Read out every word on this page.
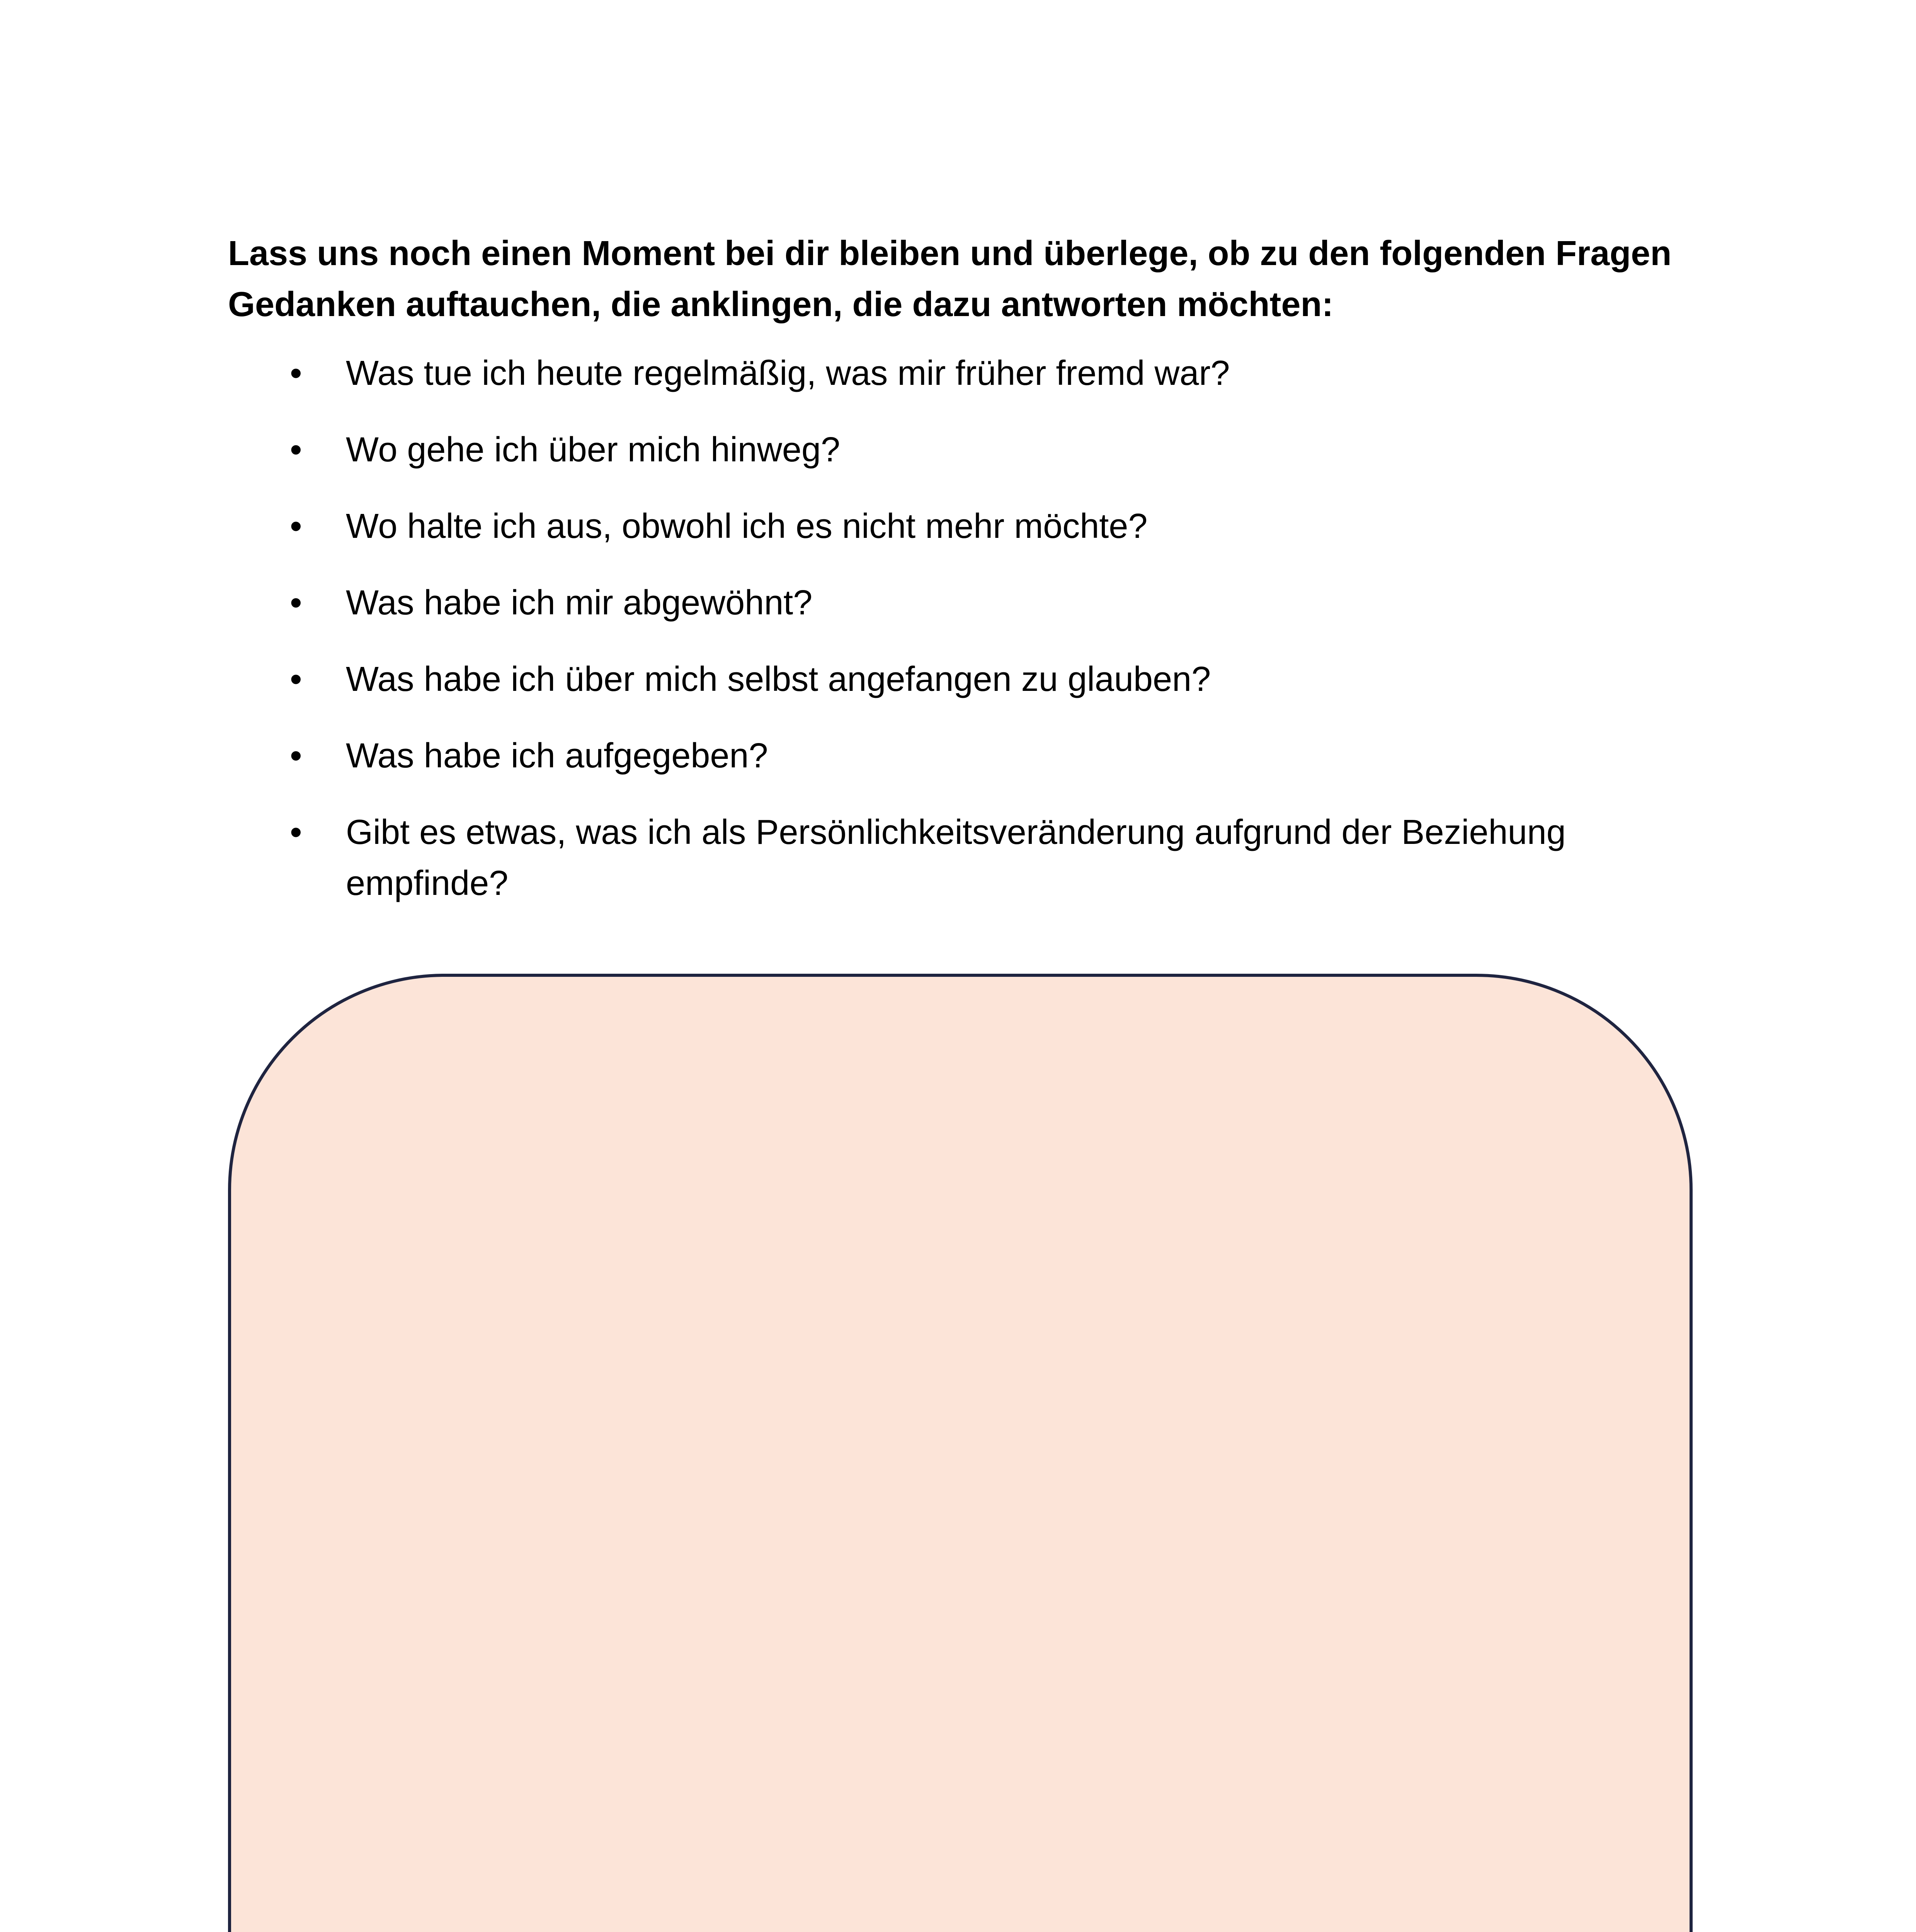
Lass uns noch einen Moment bei dir bleiben und überlege, ob zu den folgenden Fragen Gedanken auftauchen, die anklingen, die dazu antworten möchten:

• Was tue ich heute regelmäßig, was mir früher fremd war?
• Wo gehe ich über mich hinweg?
• Wo halte ich aus, obwohl ich es nicht mehr möchte?
• Was habe ich mir abgewöhnt?
• Was habe ich über mich selbst angefangen zu glauben?
• Was habe ich aufgegeben?
• Gibt es etwas, was ich als Persönlichkeitsveränderung aufgrund der Beziehung empfinde?
